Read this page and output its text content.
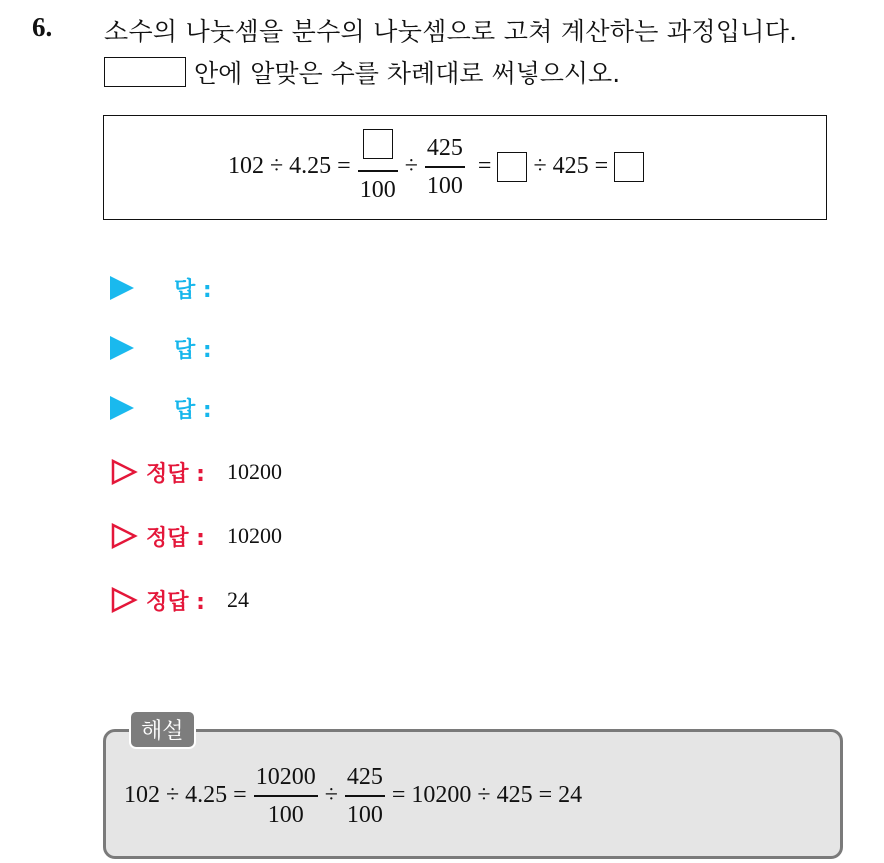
6. 소수의 나눗셈을 분수의 나눗셈으로 고쳐 계산하는 과정입니다.
안에 알맞은 수를 차례대로 써넣으시오.
102 ÷ 4.25 =
100
÷ $\frac{425}{100}$ = ÷ 425 =
답 :
답 :
답 :
정답 : 10200
정답 : 10200
정답 : 24
$102 \div 4.25 = \frac{10200}{100} \div \frac{425}{100} = 10200 \div 425 = 24$
해설
